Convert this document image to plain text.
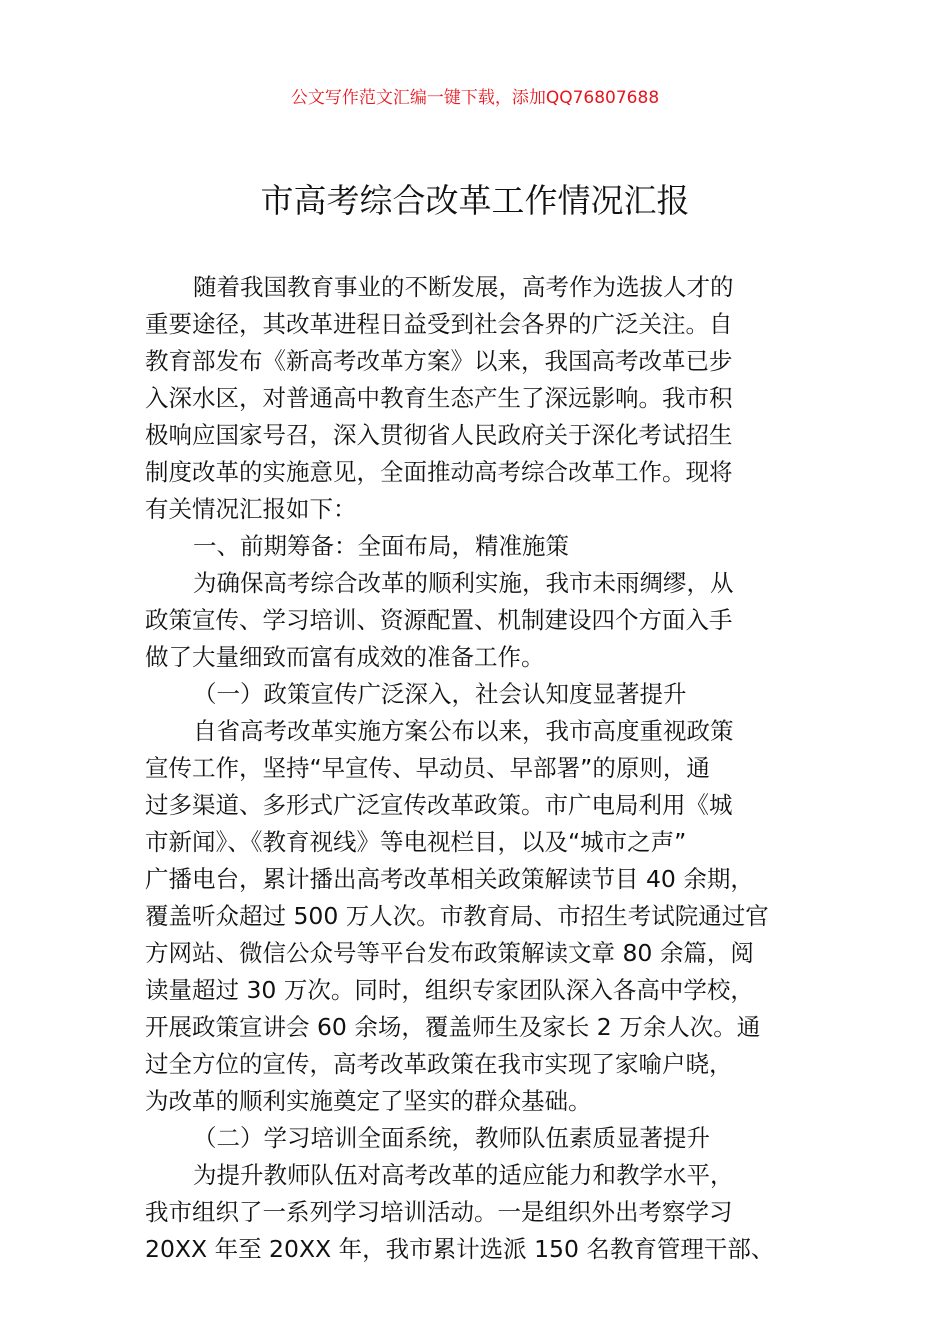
公文写作范文汇编一键下载，添加QQ76807688
市高考综合改革工作情况汇报
随着我国教育事业的不断发展，高考作为选拔人才的
重要途径，其改革进程日益受到社会各界的广泛关注。自
教育部发布《新高考改革方案》以来，我国高考改革已步
入深水区，对普通高中教育生态产生了深远影响。我市积
极响应国家号召，深入贯彻省人民政府关于深化考试招生
制度改革的实施意见，全面推动高考综合改革工作。现将
有关情况汇报如下：
一、前期筹备：全面布局，精准施策
为确保高考综合改革的顺利实施，我市未雨绸缪，从
政策宣传、学习培训、资源配置、机制建设四个方面入手
做了大量细致而富有成效的准备工作。
（一）政策宣传广泛深入，社会认知度显著提升
自省高考改革实施方案公布以来，我市高度重视政策
宣传工作，坚持“早宣传、早动员、早部署”的原则，通
过多渠道、多形式广泛宣传改革政策。市广电局利用《城
市新闻》、《教育视线》等电视栏目，以及“城市之声”
广播电台，累计播出高考改革相关政策解读节目 40 余期，
覆盖听众超过 500 万人次。市教育局、市招生考试院通过官
方网站、微信公众号等平台发布政策解读文章 80 余篇，阅
读量超过 30 万次。同时，组织专家团队深入各高中学校，
开展政策宣讲会 60 余场，覆盖师生及家长 2 万余人次。通
过全方位的宣传，高考改革政策在我市实现了家喻户晓，
为改革的顺利实施奠定了坚实的群众基础。
（二）学习培训全面系统，教师队伍素质显著提升
为提升教师队伍对高考改革的适应能力和教学水平，
我市组织了一系列学习培训活动。一是组织外出考察学习
20XX 年至 20XX 年，我市累计选派 150 名教育管理干部、
